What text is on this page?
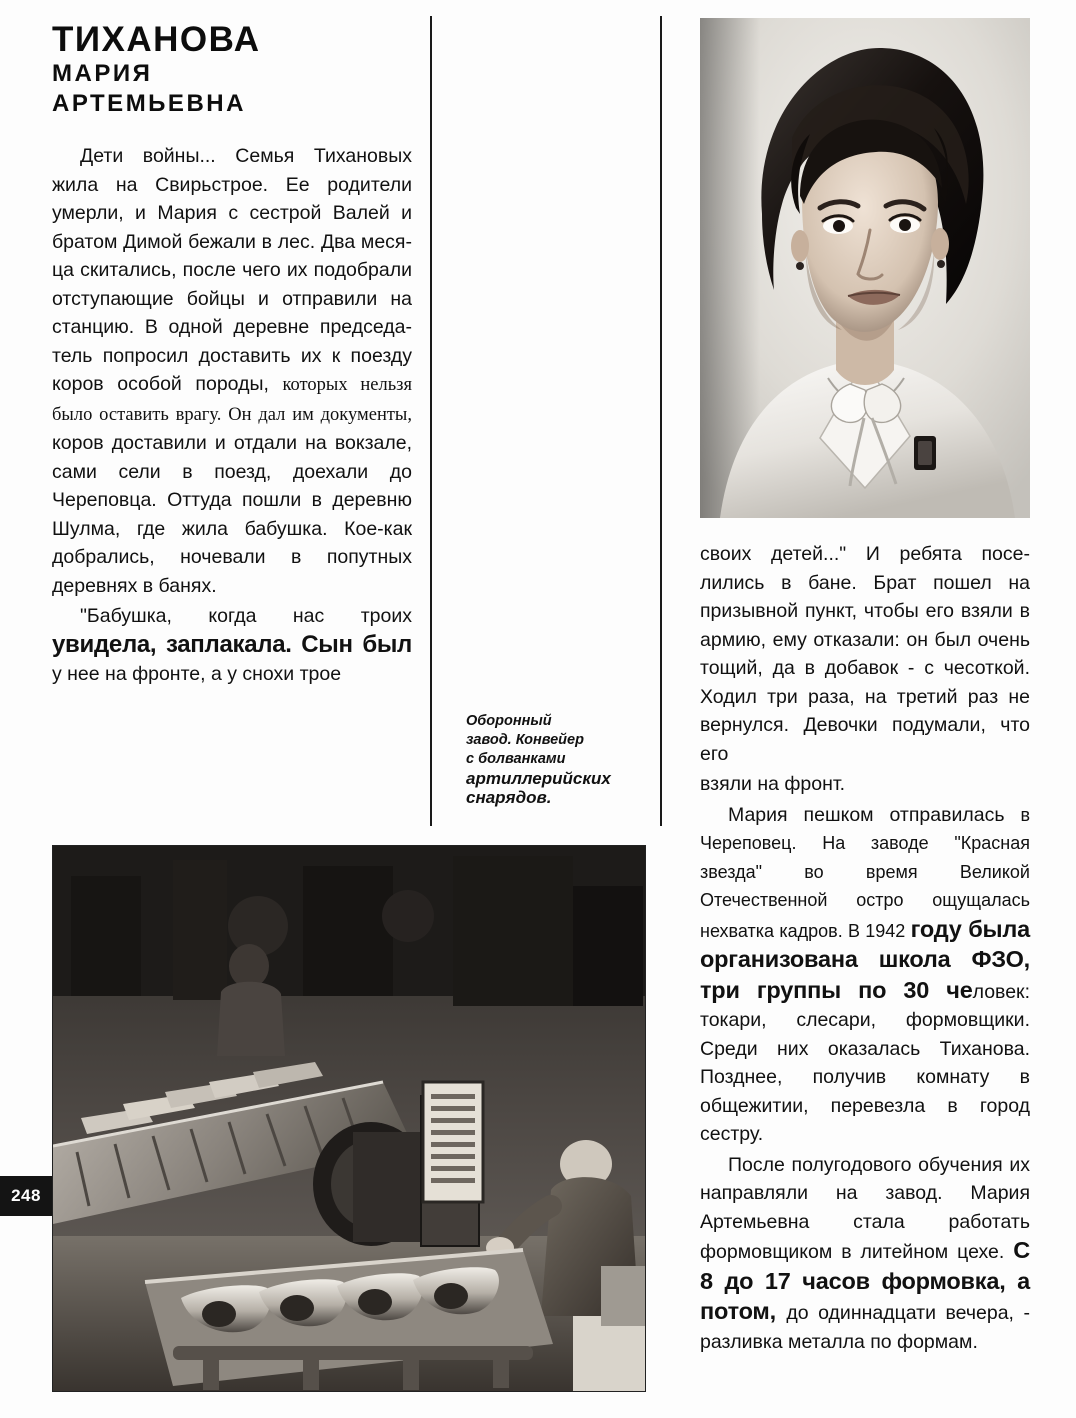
ТИХАНОВА
МАРИЯ
АРТЕМЬЕВНА

Дети войны... Семья Тихановых жила на Свирьстрое. Ее родители умерли, и Мария с сестрой Валей и братом Димой бежали в лес. Два месяца скитались, после чего их подобрали отступающие бойцы и отправили на станцию. В одной деревне председатель попросил доставить их к поезду коров особой породы, которых нельзя было оставить врагу. Он дал им документы, коров доставили и отдали на вокзале, сами сели в поезд, доехали до Череповца. Оттуда пошли в деревню Шулма, где жила бабушка. Кое-как добрались, ночевали в попутных деревнях в банях.

"Бабушка, когда нас троих увидела, заплакала. Сын был у нее на фронте, а у снохи трое

Оборонный
завод. Конвейер
с болванками
артиллерийских
снарядов.
248

своих детей..." И ребята поселились в бане. Брат пошел на призывной пункт, чтобы его взяли в армию, ему отказали: он был очень тощий, да в добавок - с чесоткой. Ходил три раза, на третий раз не вернулся. Девочки подумали, что его

взяли на фронт.

Мария пешком отправилась в Череповец. На заводе "Красная звезда" во время Великой Отечественной остро ощущалась нехватка кадров. В 1942 году была организована школа ФЗО, три группы по 30 человек: токари, слесари, формовщики. Среди них оказалась Тиханова. Позднее, получив комнату в общежитии, перевезла в город сестру.

После полугодового обучения их направляли на завод. Мария Артемьевна стала работать формовщиком в литейном цехе. С 8 до 17 часов формовка, а потом, до одиннадцати вечера, - разливка металла по формам.
